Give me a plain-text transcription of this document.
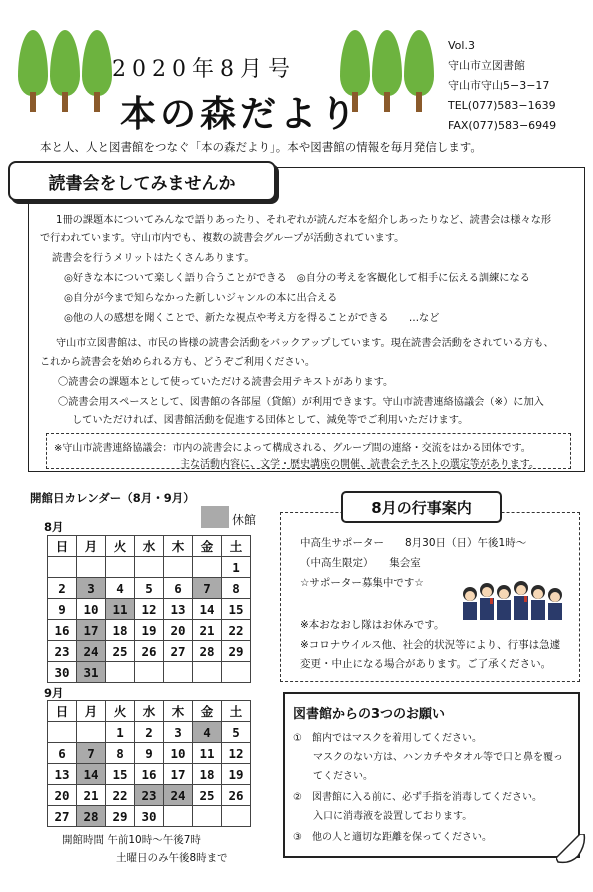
2020年8月号
本の森だより
Vol.3
守山市立図書館
守山市守山5−3−17
TEL(077)583−1639
FAX(077)583−6949
本と人、人と図書館をつなぐ「本の森だより」。本や図書館の情報を毎月発信します。
読書会をしてみませんか
1冊の課題本についてみんなで語りあったり、それぞれが読んだ本を紹介しあったりなど、読書会は様々な形
で行われています。守山市内でも、複数の読書会グループが活動されています。
読書会を行うメリットはたくさんあります。
◎好きな本について楽しく語り合うことができる　◎自分の考えを客観化して相手に伝える訓練になる
◎自分が今まで知らなかった新しいジャンルの本に出合える
◎他の人の感想を聞くことで、新たな視点や考え方を得ることができる　　…など
守山市立図書館は、市民の皆様の読書会活動をバックアップしています。現在読書会活動をされている方も、
これから読書会を始められる方も、どうぞご利用ください。
〇読書会の課題本として使っていただける読書会用テキストがあります。
〇読書会用スペースとして、図書館の各部屋（貸館）が利用できます。守山市読書連絡協議会（※）に加入
していただければ、図書館活動を促進する団体として、減免等でご利用いただけます。
※守山市読書連絡協議会：市内の読書会によって構成される、グループ間の連絡・交流をはかる団体です。
主な活動内容に、文学・歴史講座の開催、読書会テキストの選定等があります。
開館日カレンダー（8月・9月）
休館
8月
日	月	火	水	木	金	土
						1
2	3	4	5	6	7	8
9	10	11	12	13	14	15
16	17	18	19	20	21	22
23	24	25	26	27	28	29
30	31					
9月
日	月	火	水	木	金	土
		1	2	3	4	5
6	7	8	9	10	11	12
13	14	15	16	17	18	19
20	21	22	23	24	25	26
27	28	29	30			
開館時間 午前10時〜午後7時
土曜日のみ午後8時まで
8月の行事案内
中高生サポーター　　8月30日（日）午後1時〜
（中高生限定）　　集会室
☆サポーター募集中です☆
※本おなおし隊はお休みです。
※コロナウイルス他、社会的状況等により、行事は急遽
変更・中止になる場合があります。ご了承ください。
図書館からの3つのお願い
①　館内ではマスクを着用してください。
マスクのない方は、ハンカチやタオル等で口と鼻を覆っ
てください。
②　図書館に入る前に、必ず手指を消毒してください。
入口に消毒液を設置しております。
③　他の人と適切な距離を保ってください。
